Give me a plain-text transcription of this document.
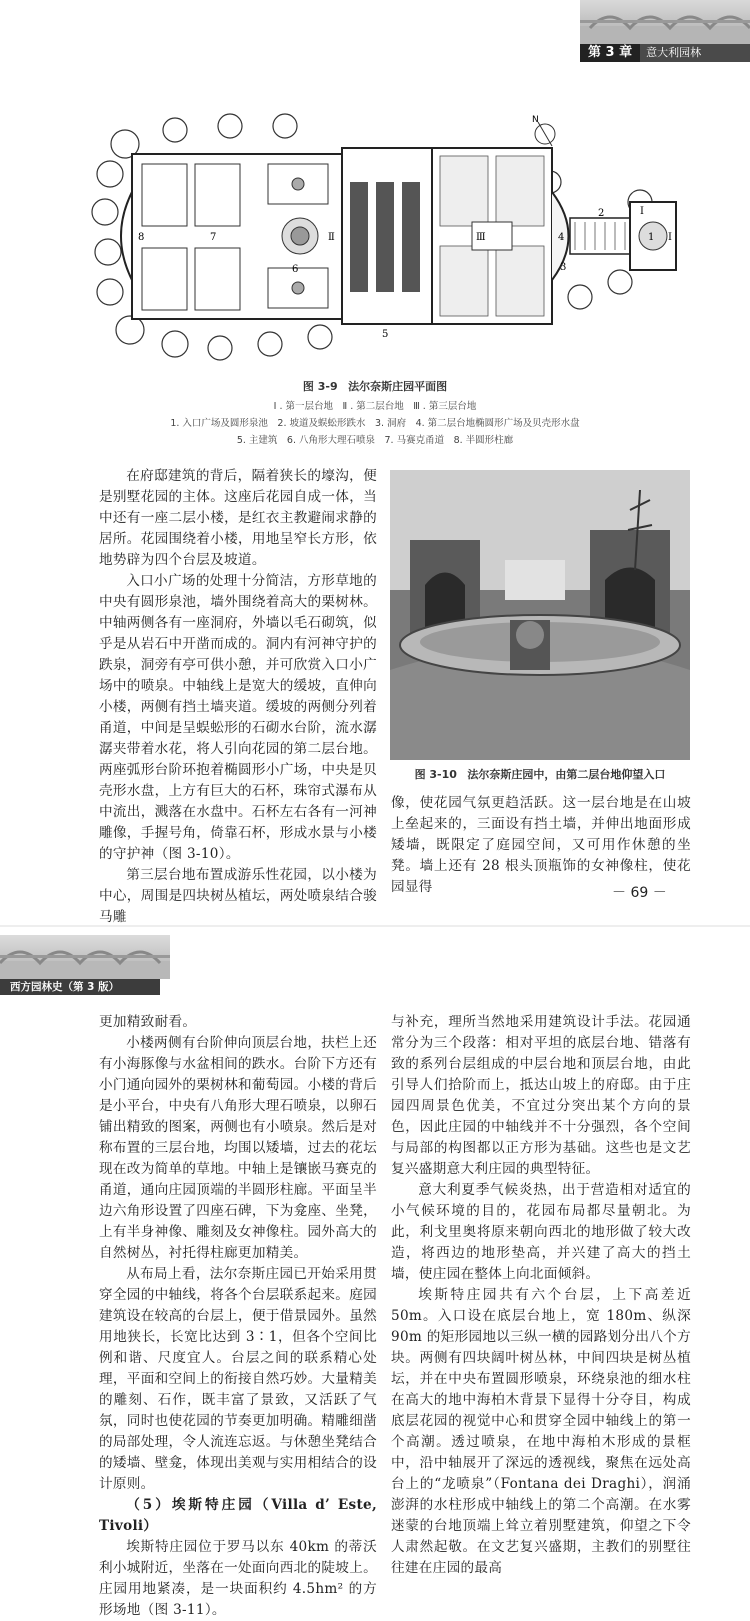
第 3 章 意大利园林
N
8	7
6
5
Ⅱ	Ⅲ	4
3
2	Ⅰ
1 Ⅰ
图 3-9 法尔奈斯庄园平面图
Ⅰ . 第一层台地　Ⅱ . 第二层台地　Ⅲ . 第三层台地
1. 入口广场及圆形泉池　2. 坡道及蜈蚣形跌水　3. 洞府　4. 第二层台地椭圆形广场及贝壳形水盘
5. 主建筑　6. 八角形大理石喷泉　7. 马赛克甬道　8. 半圆形柱廊

在府邸建筑的背后，隔着狭长的壕沟，便是别墅花园的主体。这座后花园自成一体，当中还有一座二层小楼，是红衣主教避闹求静的居所。花园围绕着小楼，用地呈窄长方形，依地势辟为四个台层及坡道。

入口小广场的处理十分简洁，方形草地的中央有圆形泉池，墙外围绕着高大的栗树林。中轴两侧各有一座洞府，外墙以毛石砌筑，似乎是从岩石中开凿而成的。洞内有河神守护的跌泉，洞旁有亭可供小憩，并可欣赏入口小广场中的喷泉。中轴线上是宽大的缓坡，直伸向小楼，两侧有挡土墙夹道。缓坡的两侧分列着甬道，中间是呈蜈蚣形的石砌水台阶，流水潺潺夹带着水花，将人引向花园的第二层台地。两座弧形台阶环抱着椭圆形小广场，中央是贝壳形水盘，上方有巨大的石杯，珠帘式瀑布从中流出，溅落在水盘中。石杯左右各有一河神雕像，手握号角，倚靠石杯，形成水景与小楼的守护神（图 3-10）。

第三层台地布置成游乐性花园，以小楼为中心，周围是四块树丛植坛，两处喷泉结合骏马雕

图 3-10 法尔奈斯庄园中，由第二层台地仰望入口

像，使花园气氛更趋活跃。这一层台地是在山坡上垒起来的，三面设有挡土墙，并伸出地面形成矮墙，既限定了庭园空间，又可用作休憩的坐凳。墙上还有 28 根头顶瓶饰的女神像柱，使花园显得	－ 69 －
西方园林史（第 3 版）

更加精致耐看。

小楼两侧有台阶伸向顶层台地，扶栏上还有小海豚像与水盆相间的跌水。台阶下方还有小门通向园外的栗树林和葡萄园。小楼的背后是小平台，中央有八角形大理石喷泉，以卵石铺出精致的图案，两侧也有小喷泉。然后是对称布置的三层台地，均围以矮墙，过去的花坛现在改为简单的草地。中轴上是镶嵌马赛克的甬道，通向庄园顶端的半圆形柱廊。平面呈半边六角形设置了四座石碑，下为龛座、坐凳，上有半身神像、雕刻及女神像柱。园外高大的自然树丛，衬托得柱廊更加精美。

从布局上看，法尔奈斯庄园已开始采用贯穿全园的中轴线，将各个台层联系起来。庭园建筑设在较高的台层上，便于借景园外。虽然用地狭长，长宽比达到 3∶1，但各个空间比例和谐、尺度宜人。台层之间的联系精心处理，平面和空间上的衔接自然巧妙。大量精美的雕刻、石作，既丰富了景致，又活跃了气氛，同时也使花园的节奏更加明确。精雕细凿的局部处理，令人流连忘返。与休憩坐凳结合的矮墙、壁龛，体现出美观与实用相结合的设计原则。

（5）埃斯特庄园（Villa d’ Este, Tivoli）

埃斯特庄园位于罗马以东 40km 的蒂沃利小城附近，坐落在一处面向西北的陡坡上。庄园用地紧凑，是一块面积约 4.5hm² 的方形场地（图 3-11）。

与补充，理所当然地采用建筑设计手法。花园通常分为三个段落：相对平坦的底层台地、错落有致的系列台层组成的中层台地和顶层台地，由此引导人们拾阶而上，抵达山坡上的府邸。由于庄园四周景色优美，不宜过分突出某个方向的景色，因此庄园的中轴线并不十分强烈，各个空间与局部的构图都以正方形为基础。这些也是文艺复兴盛期意大利庄园的典型特征。

意大利夏季气候炎热，出于营造相对适宜的小气候环境的目的，花园布局都尽量朝北。为此，利戈里奥将原来朝向西北的地形做了较大改造，将西边的地形垫高，并兴建了高大的挡土墙，使庄园在整体上向北面倾斜。

埃斯特庄园共有六个台层，上下高差近 50m。入口设在底层台地上，宽 180m、纵深 90m 的矩形园地以三纵一横的园路划分出八个方块。两侧有四块阔叶树丛林，中间四块是树丛植坛，并在中央布置圆形喷泉，环绕泉池的细水柱在高大的地中海柏木背景下显得十分夺目，构成底层花园的视觉中心和贯穿全园中轴线上的第一个高潮。透过喷泉，在地中海柏木形成的景框中，沿中轴展开了深远的透视线，聚焦在远处高台上的“龙喷泉”（Fontana dei Draghi），润涌澎湃的水柱形成中轴线上的第二个高潮。在水雾迷蒙的台地顶端上耸立着別墅建筑，仰望之下令人肃然起敬。在文艺复兴盛期，主教们的别墅往往建在庄园的最高
